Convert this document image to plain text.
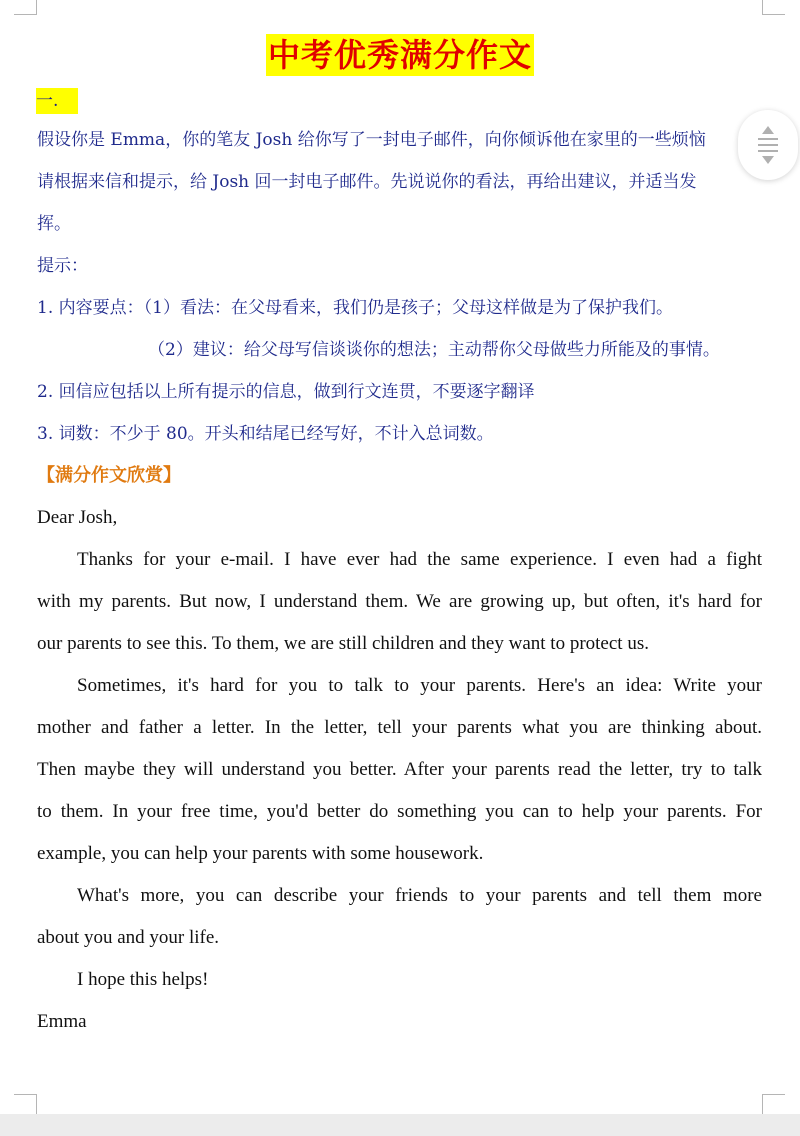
中考优秀满分作文
一.
假设你是 Emma，你的笔友 Josh 给你写了一封电子邮件，向你倾诉他在家里的一些烦恼
请根据来信和提示，给 Josh 回一封电子邮件。先说说你的看法，再给出建议，并适当发
挥。
提示：
1. 内容要点：（1）看法：在父母看来，我们仍是孩子；父母这样做是为了保护我们。
（2）建议：给父母写信谈谈你的想法；主动帮你父母做些力所能及的事情。
2. 回信应包括以上所有提示的信息，做到行文连贯，不要逐字翻译
3. 词数：不少于 80。开头和结尾已经写好，不计入总词数。
【满分作文欣赏】
Dear Josh,
Thanks for your e-mail. I have ever had the same experience. I even had a fight
with my parents. But now, I understand them. We are growing up, but often, it's hard for
our parents to see this. To them, we are still children and they want to protect us.
Sometimes, it's hard for you to talk to your parents. Here's an idea: Write your
mother and father a letter. In the letter, tell your parents what you are thinking about.
Then maybe they will understand you better. After your parents read the letter, try to talk
to them. In your free time, you'd better do something you can to help your parents. For
example, you can help your parents with some housework.
What's more, you can describe your friends to your parents and tell them more
about you and your life.
I hope this helps!
Emma
